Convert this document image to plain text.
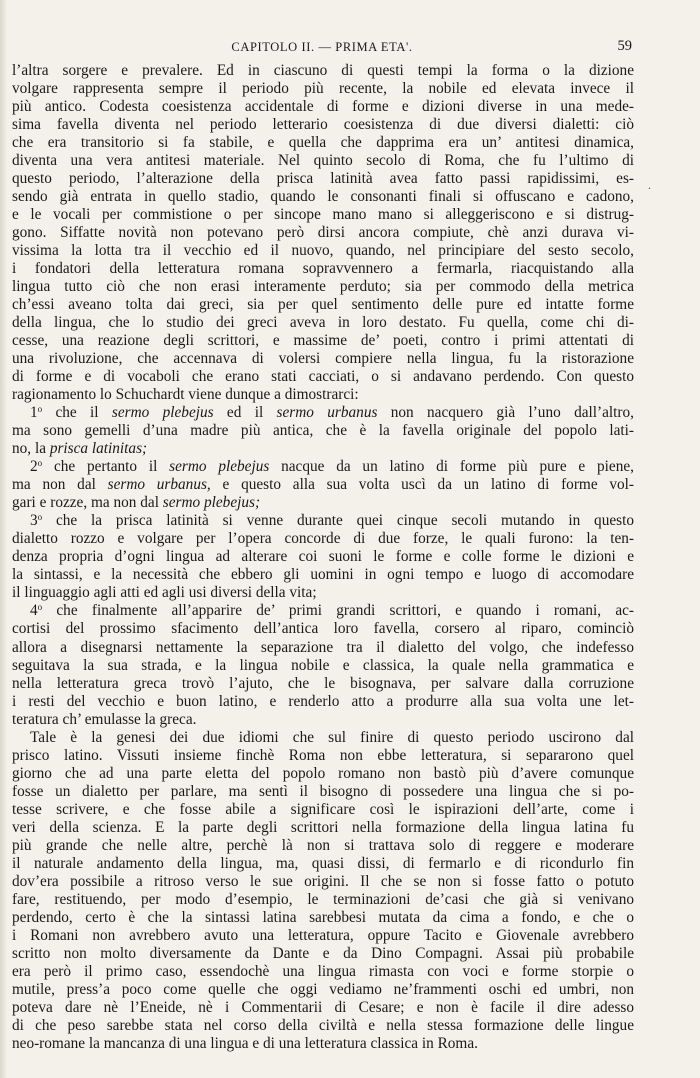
CAPITOLO II. — PRIMA ETA'.	59
.

l’altra sorgere e prevalere. Ed in ciascuno di questi tempi la forma o la dizione

volgare rappresenta sempre il periodo più recente, la nobile ed elevata invece il

più antico. Codesta coesistenza accidentale di forme e dizioni diverse in una mede-

sima favella diventa nel periodo letterario coesistenza di due diversi dialetti: ciò

che era transitorio si fa stabile, e quella che dapprima era un’ antitesi dinamica,

diventa una vera antitesi materiale. Nel quinto secolo di Roma, che fu l’ultimo di

questo periodo, l’alterazione della prisca latinità avea fatto passi rapidissimi, es-

sendo già entrata in quello stadio, quando le consonanti finali si offuscano e cadono,

e le vocali per commistione o per sincope mano mano si alleggeriscono e si distrug-

gono. Siffatte novità non potevano però dirsi ancora compiute, chè anzi durava vi-

vissima la lotta tra il vecchio ed il nuovo, quando, nel principiare del sesto secolo,

i fondatori della letteratura romana sopravvennero a fermarla, riacquistando alla

lingua tutto ciò che non erasi interamente perduto; sia per commodo della metrica

ch’essi aveano tolta dai greci, sia per quel sentimento delle pure ed intatte forme

della lingua, che lo studio dei greci aveva in loro destato. Fu quella, come chi di-

cesse, una reazione degli scrittori, e massime de’ poeti, contro i primi attentati di

una rivoluzione, che accennava di volersi compiere nella lingua, fu la ristorazione

di forme e di vocaboli che erano stati cacciati, o si andavano perdendo. Con questo

ragionamento lo Schuchardt viene dunque a dimostrarci:

1$^o$ che il sermo plebejus ed il sermo urbanus non nacquero già l’uno dall’altro,

ma sono gemelli d’una madre più antica, che è la favella originale del popolo lati-

no, la prisca latinitas;

2$^o$ che pertanto il sermo plebejus nacque da un latino di forme più pure e piene,

ma non dal sermo urbanus, e questo alla sua volta uscì da un latino di forme vol-

gari e rozze, ma non dal sermo plebejus;

3$^o$ che la prisca latinità si venne durante quei cinque secoli mutando in questo

dialetto rozzo e volgare per l’opera concorde di due forze, le quali furono: la ten-

denza propria d’ogni lingua ad alterare coi suoni le forme e colle forme le dizioni e

la sintassi, e la necessità che ebbero gli uomini in ogni tempo e luogo di accomodare

il linguaggio agli atti ed agli usi diversi della vita;

4$^o$ che finalmente all’apparire de’ primi grandi scrittori, e quando i romani, ac-

cortisi del prossimo sfacimento dell’antica loro favella, corsero al riparo, cominciò

allora a disegnarsi nettamente la separazione tra il dialetto del volgo, che indefesso

seguitava la sua strada, e la lingua nobile e classica, la quale nella grammatica e

nella letteratura greca trovò l’ajuto, che le bisognava, per salvare dalla corruzione

i resti del vecchio e buon latino, e renderlo atto a produrre alla sua volta une let-

teratura ch’ emulasse la greca.

Tale è la genesi dei due idiomi che sul finire di questo periodo uscirono dal

prisco latino. Vissuti insieme finchè Roma non ebbe letteratura, si separarono quel

giorno che ad una parte eletta del popolo romano non bastò più d’avere comunque

fosse un dialetto per parlare, ma sentì il bisogno di possedere una lingua che si po-

tesse scrivere, e che fosse abile a significare così le ispirazioni dell’arte, come i

veri della scienza. E la parte degli scrittori nella formazione della lingua latina fu

più grande che nelle altre, perchè là non si trattava solo di reggere e moderare

il naturale andamento della lingua, ma, quasi dissi, di fermarlo e di ricondurlo fin

dov’era possibile a ritroso verso le sue origini. Il che se non si fosse fatto o potuto

fare, restituendo, per modo d’esempio, le terminazioni de’casi che già si venivano

perdendo, certo è che la sintassi latina sarebbesi mutata da cima a fondo, e che o

i Romani non avrebbero avuto una letteratura, oppure Tacito e Giovenale avrebbero

scritto non molto diversamente da Dante e da Dino Compagni. Assai più probabile

era però il primo caso, essendochè una lingua rimasta con voci e forme storpie o

mutile, press’a poco come quelle che oggi vediamo ne’frammenti oschi ed umbri, non

poteva dare nè l’Eneide, nè i Commentarii di Cesare; e non è facile il dire adesso

di che peso sarebbe stata nel corso della civiltà e nella stessa formazione delle lingue

neo-romane la mancanza di una lingua e di una letteratura classica in Roma.
